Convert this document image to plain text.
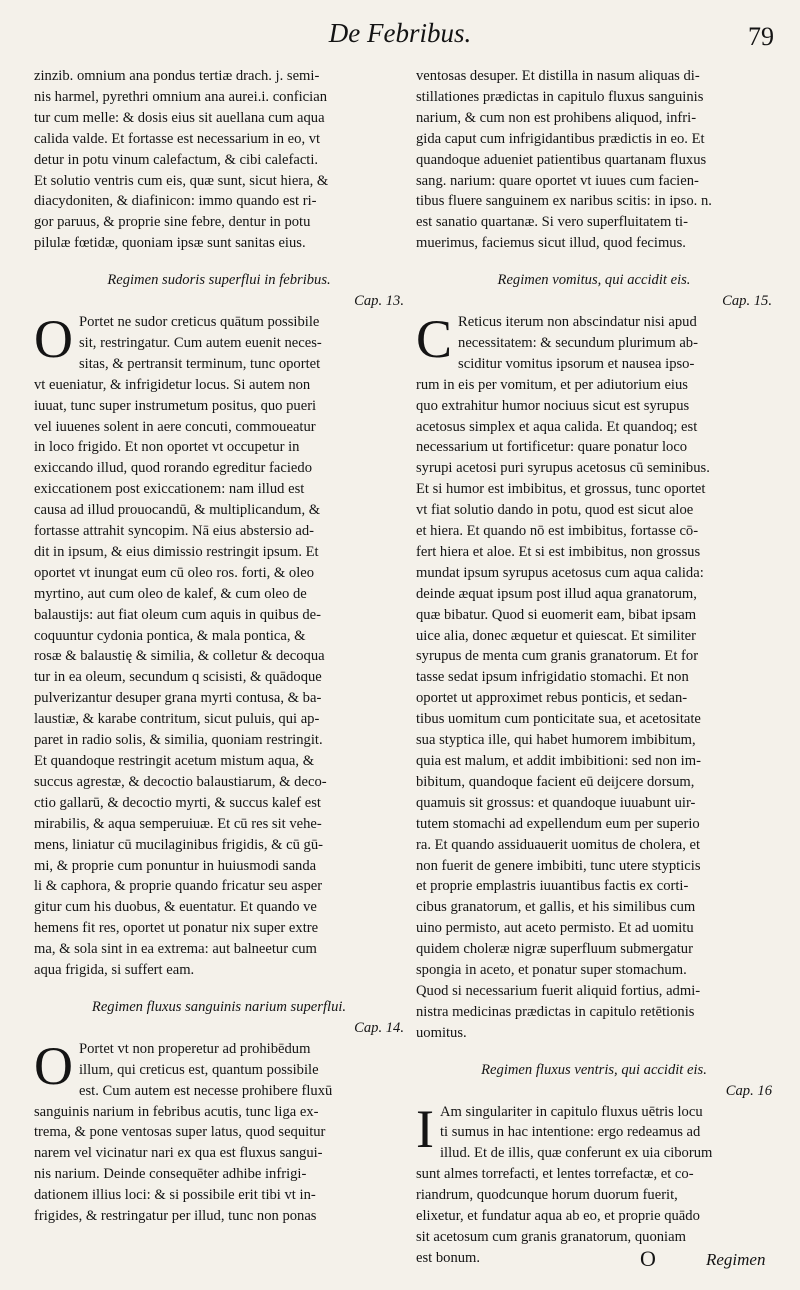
De Febribus.	79
zinzib. omnium ana pondus tertiæ drach. j. semi-
nis harmel, pyrethri omnium ana aurei.i. confician
tur cum melle: & dosis eius sit auellana cum aqua
calida valde. Et fortasse est necessarium in eo, vt
detur in potu vinum calefactum, & cibi calefacti.
Et solutio ventris cum eis, quæ sunt, sicut hiera, &
diacydoniten, & diafinicon: immo quando est ri-
gor paruus, & proprie sine febre, dentur in potu
pilulæ fœtidæ, quoniam ipsæ sunt sanitas eius.
Regimen sudoris superflui in febribus.
Cap. 13.
O Portet ne sudor creticus quātum possibile
sit, restringatur. Cum autem euenit neces-
sitas, & pertransit terminum, tunc oportet
vt eueniatur, & infrigidetur locus. Si autem non
iuuat, tunc super instrumetum positus, quo pueri
vel iuuenes solent in aere concuti, commoueatur
in loco frigido. Et non oportet vt occupetur in
exiccando illud, quod rorando egreditur faciedo
exiccationem post exiccationem: nam illud est
causa ad illud prouocandū, & multiplicandum, &
fortasse attrahit syncopim. Nā eius abstersio ad-
dit in ipsum, & eius dimissio restringit ipsum. Et
oportet vt inungat eum cū oleo ros. forti, & oleo
myrtino, aut cum oleo de kalef, & cum oleo de
balaustijs: aut fiat oleum cum aquis in quibus de-
coquuntur cydonia pontica, & mala pontica, &
rosæ & balaustię & similia, & colletur & decoqua
tur in ea oleum, secundum q scisisti, & quādoque
pulverizantur desuper grana myrti contusa, & ba-
laustiæ, & karabe contritum, sicut puluis, qui ap-
paret in radio solis, & similia, quoniam restringit.
Et quandoque restringit acetum mistum aqua, &
succus agrestæ, & decoctio balaustiarum, & deco-
ctio gallarū, & decoctio myrti, & succus kalef est
mirabilis, & aqua semperuiuæ. Et cū res sit vehe-
mens, liniatur cū mucilaginibus frigidis, & cū gū-
mi, & proprie cum ponuntur in huiusmodi sanda
li & caphora, & proprie quando fricatur seu asper
gitur cum his duobus, & euentatur. Et quando ve
hemens fit res, oportet ut ponatur nix super extre
ma, & sola sint in ea extrema: aut balneetur cum
aqua frigida, si suffert eam.
Regimen fluxus sanguinis narium superflui.
Cap. 14.
O Portet vt non properetur ad prohibēdum
illum, qui creticus est, quantum possibile
est. Cum autem est necesse prohibere fluxū
sanguinis narium in febribus acutis, tunc liga ex-
trema, & pone ventosas super latus, quod sequitur
narem vel vicinatur nari ex qua est fluxus sangui-
nis narium. Deinde consequēter adhibe infrigi-
dationem illius loci: & si possibile erit tibi vt in-
frigides, & restringatur per illud, tunc non ponas
ventosas desuper. Et distilla in nasum aliquas di-
stillationes prædictas in capitulo fluxus sanguinis
narium, & cum non est prohibens aliquod, infri-
gida caput cum infrigidantibus prædictis in eo. Et
quandoque adueniet patientibus quartanam fluxus
sang. narium: quare oportet vt iuues cum facien-
tibus fluere sanguinem ex naribus scitis: in ipso. n.
est sanatio quartanæ. Si vero superfluitatem ti-
muerimus, faciemus sicut illud, quod fecimus.
Regimen vomitus, qui accidit eis.
Cap. 15.
C Reticus iterum non abscindatur nisi apud
necessitatem: & secundum plurimum ab-
sciditur vomitus ipsorum et nausea ipso-
rum in eis per vomitum, et per adiutorium eius
quo extrahitur humor nociuus sicut est syrupus
acetosus simplex et aqua calida. Et quandoq; est
necessarium ut fortificetur: quare ponatur loco
syrupi acetosi puri syrupus acetosus cū seminibus.
Et si humor est imbibitus, et grossus, tunc oportet
vt fiat solutio dando in potu, quod est sicut aloe
et hiera. Et quando nō est imbibitus, fortasse cō-
fert hiera et aloe. Et si est imbibitus, non grossus
mundat ipsum syrupus acetosus cum aqua calida:
deinde æquat ipsum post illud aqua granatorum,
quæ bibatur. Quod si euomerit eam, bibat ipsam
uice alia, donec æquetur et quiescat. Et similiter
syrupus de menta cum granis granatorum. Et for
tasse sedat ipsum infrigidatio stomachi. Et non
oportet ut approximet rebus ponticis, et sedan-
tibus uomitum cum ponticitate sua, et acetositate
sua styptica ille, qui habet humorem imbibitum,
quia est malum, et addit imbibitioni: sed non im-
bibitum, quandoque facient eū deijcere dorsum,
quamuis sit grossus: et quandoque iuuabunt uir-
tutem stomachi ad expellendum eum per superio
ra. Et quando assiduauerit uomitus de cholera, et
non fuerit de genere imbibiti, tunc utere stypticis
et proprie emplastris iuuantibus factis ex corti-
cibus granatorum, et gallis, et his similibus cum
uino permisto, aut aceto permisto. Et ad uomitu
quidem choleræ nigræ superfluum submergatur
spongia in aceto, et ponatur super stomachum.
Quod si necessarium fuerit aliquid fortius, admi-
nistra medicinas prædictas in capitulo retētionis
uomitus.
Regimen fluxus ventris, qui accidit eis.
Cap. 16
I Am singulariter in capitulo fluxus uētris locu
ti sumus in hac intentione: ergo redeamus ad
illud. Et de illis, quæ conferunt ex uia ciborum
sunt almes torrefacti, et lentes torrefactæ, et co-
riandrum, quodcunque horum duorum fuerit,
elixetur, et fundatur aqua ab eo, et proprie quādo
sit acetosum cum granis granatorum, quoniam
est bonum.	O	Regimen
